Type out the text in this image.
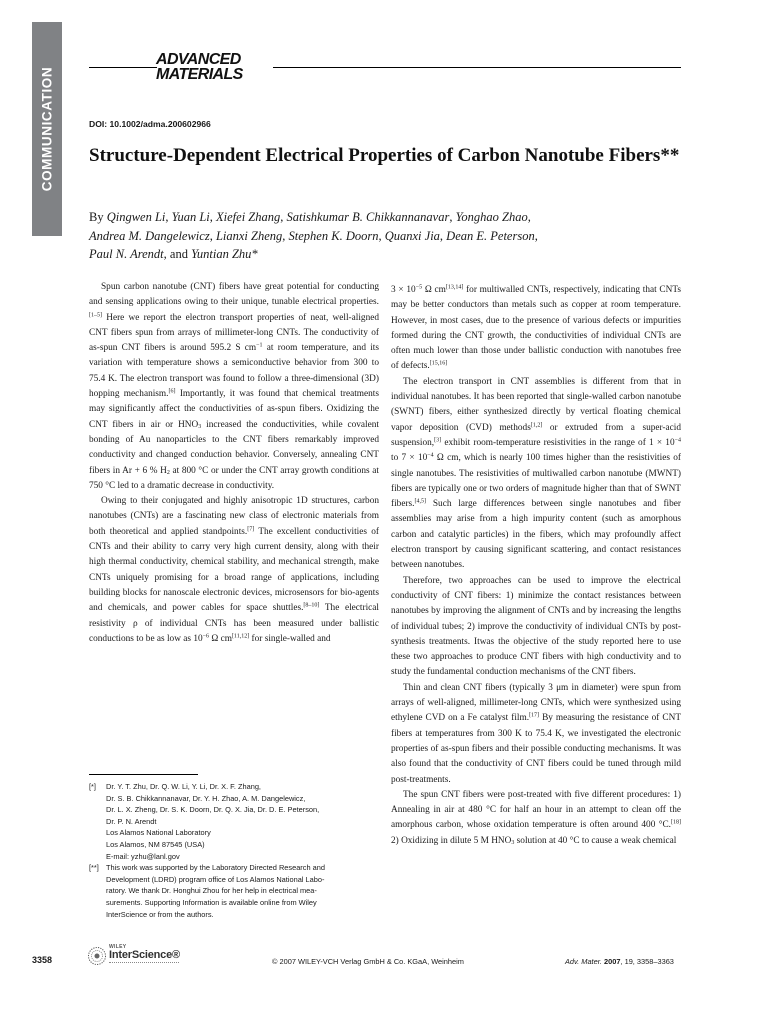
COMMUNICATION
ADVANCED
MATERIALS
DOI: 10.1002/adma.200602966
Structure-Dependent Electrical Properties of Carbon Nanotube Fibers**
By Qingwen Li, Yuan Li, Xiefei Zhang, Satishkumar B. Chikkannanavar, Yonghao Zhao,
Andrea M. Dangelewicz, Lianxi Zheng, Stephen K. Doorn, Quanxi Jia, Dean E. Peterson,
Paul N. Arendt, and Yuntian Zhu*

Spun carbon nanotube (CNT) fibers have great potential for conducting and sensing applications owing to their unique, tunable electrical properties.[1–5] Here we report the electron transport properties of neat, well-aligned CNT fibers spun from arrays of millimeter-long CNTs. The conductivity of as-spun CNT fibers is around 595.2 S $cm^{-1}$ at room temperature, and its variation with temperature shows a semiconductive behavior from 300 to 75.4 K. The electron transport was found to follow a three-dimensional (3D) hopping mechanism.[6] Importantly, it was found that chemical treatments may significantly affect the conductivities of as-spun fibers. Oxidizing the CNT fibers in air or $HNO_3$ increased the conductivities, while covalent bonding of Au nanoparticles to the CNT fibers remarkably improved conductivity and changed conduction behavior. Conversely, annealing CNT fibers in Ar + 6 % $H_2$ at 800 °C or under the CNT array growth conditions at 750 °C led to a dramatic decrease in conductivity.

Owing to their conjugated and highly anisotropic 1D structures, carbon nanotubes (CNTs) are a fascinating new class of electronic materials from both theoretical and applied standpoints.[7] The excellent conductivities of CNTs and their ability to carry very high current density, along with their high thermal conductivity, chemical stability, and mechanical strength, make CNTs uniquely promising for a broad range of applications, including building blocks for nanoscale electronic devices, microsensors for bio-agents and chemicals, and power cables for space shuttles.[8–10] The electrical resistivity ρ of individual CNTs has been measured under ballistic conductions to be as low as $10^{-6}$ Ω cm[11,12] for single-walled and

$3 \times 10^{-5}$ Ω cm[13,14] for multiwalled CNTs, respectively, indicating that CNTs may be better conductors than metals such as copper at room temperature. However, in most cases, due to the presence of various defects or impurities formed during the CNT growth, the conductivities of individual CNTs are often much lower than those under ballistic conduction with nanotubes free of defects.[15,16]

The electron transport in CNT assemblies is different from that in individual nanotubes. It has been reported that single-walled carbon nanotube (SWNT) fibers, either synthesized directly by vertical floating chemical vapor deposition (CVD) methods[1,2] or extruded from a super-acid suspension,[3] exhibit room-temperature resistivities in the range of $1 \times 10^{-4}$ to $7 \times 10^{-4}$ Ω cm, which is nearly 100 times higher than the resistivities of single nanotubes. The resistivities of multiwalled carbon nanotube (MWNT) fibers are typically one or two orders of magnitude higher than that of SWNT fibers.[4,5] Such large differences between single nanotubes and fiber assemblies may arise from a high impurity content (such as amorphous carbon and catalytic particles) in the fibers, which may profoundly affect electron transport by causing significant scattering, and contact resistances between nanotubes.

Therefore, two approaches can be used to improve the electrical conductivity of CNT fibers: 1) minimize the contact resistances between nanotubes by improving the alignment of CNTs and by increasing the lengths of individual tubes; 2) improve the conductivity of individual CNTs by post-synthesis treatments. Itwas the objective of the study reported here to use these two approaches to produce CNT fibers with high conductivity and to study the fundamental conduction mechanisms of the CNT fibers.

Thin and clean CNT fibers (typically 3 μm in diameter) were spun from arrays of well-aligned, millimeter-long CNTs, which were synthesized using ethylene CVD on a Fe catalyst film.[17] By measuring the resistance of CNT fibers at temperatures from 300 K to 75.4 K, we investigated the electronic properties of as-spun fibers and their possible conducting mechanisms. It was also found that the conductivity of CNT fibers could be tuned through mild post-treatments.

The spun CNT fibers were post-treated with five different procedures: 1) Annealing in air at 480 °C for half an hour in an attempt to clean off the amorphous carbon, whose oxidation temperature is often around 400 °C.[18] 2) Oxidizing in dilute 5 M $HNO_3$ solution at 40 °C to cause a weak chemical

[*] Dr. Y. T. Zhu, Dr. Q. W. Li, Y. Li, Dr. X. F. Zhang,
Dr. S. B. Chikkannanavar, Dr. Y. H. Zhao, A. M. Dangelewicz,
Dr. L. X. Zheng, Dr. S. K. Doorn, Dr. Q. X. Jia, Dr. D. E. Peterson,
Dr. P. N. Arendt
Los Alamos National Laboratory
Los Alamos, NM 87545 (USA)
E-mail: yzhu@lanl.gov
[**] This work was supported by the Laboratory Directed Research and
Development (LDRD) program office of Los Alamos National Labo-
ratory. We thank Dr. Honghui Zhou for her help in electrical mea-
surements. Supporting Information is available online from Wiley
InterScience or from the authors.
3358
WILEY
InterScience®
© 2007 WILEY-VCH Verlag GmbH & Co. KGaA, Weinheim	Adv. Mater. 2007, 19, 3358–3363
